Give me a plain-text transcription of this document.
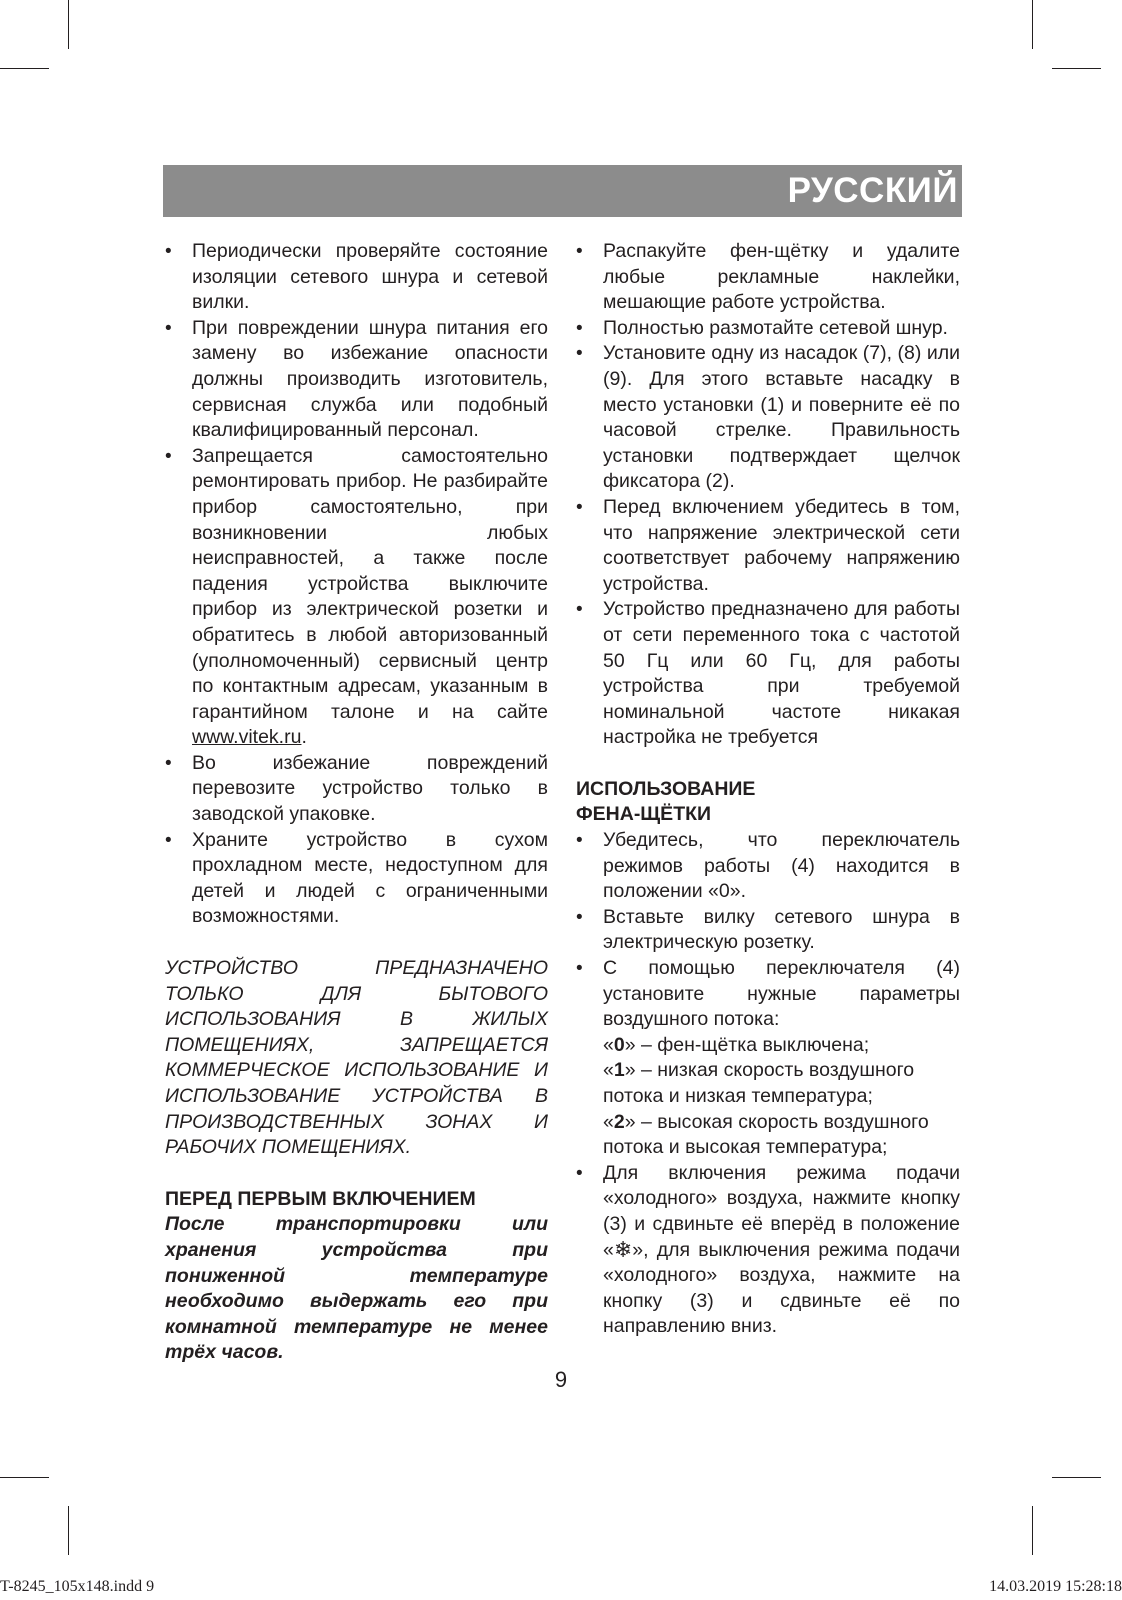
РУССКИЙ
• Периодически проверяйте состояние изоляции сетевого шнура и сетевой вилки.
• При повреждении шнура питания его замену во избежание опасности должны производить изготовитель, сервисная служба или подобный квалифицированный персонал.
• Запрещается самостоятельно ремонтировать прибор. Не разбирайте прибор самостоятельно, при возникновении любых неисправностей, а также после падения устройства выключите прибор из электрической розетки и обратитесь в любой авторизованный (уполномоченный) сервисный центр по контактным адресам, указанным в гарантийном талоне и на сайте www.vitek.ru.
• Во избежание повреждений перевозите устройство только в заводской упаковке.
• Храните устройство в сухом прохладном месте, недоступном для детей и людей с ограниченными возможностями.
УСТРОЙСТВО ПРЕДНАЗНАЧЕНО ТОЛЬКО ДЛЯ БЫТОВОГО ИСПОЛЬЗОВАНИЯ В ЖИЛЫХ ПОМЕЩЕНИЯХ, ЗАПРЕЩАЕТСЯ КОММЕРЧЕСКОЕ ИСПОЛЬЗОВАНИЕ И ИСПОЛЬЗОВАНИЕ УСТРОЙСТВА В ПРОИЗВОДСТВЕННЫХ ЗОНАХ И РАБОЧИХ ПОМЕЩЕНИЯХ.
ПЕРЕД ПЕРВЫМ ВКЛЮЧЕНИЕМ
После транспортировки или хранения устройства при пониженной температуре необходимо выдержать его при комнатной температуре не менее трёх часов.
• Распакуйте фен-щётку и удалите любые рекламные наклейки, мешающие работе устройства.
• Полностью размотайте сетевой шнур.
• Установите одну из насадок (7), (8) или (9). Для этого вставьте насадку в место установки (1) и поверните её по часовой стрелке. Правильность установки подтверждает щелчок фиксатора (2).
• Перед включением убедитесь в том, что напряжение электрической сети соответствует рабочему напряжению устройства.
• Устройство предназначено для работы от сети переменного тока с частотой 50 Гц или 60 Гц, для работы устройства при требуемой номинальной частоте никакая настройка не требуется
ИСПОЛЬЗОВАНИЕ
ФЕНА-ЩЁТКИ
• Убедитесь, что переключатель режимов работы (4) находится в положении «0».
• Вставьте вилку сетевого шнура в электрическую розетку.
• С помощью переключателя (4) установите нужные параметры воздушного потока:
«0» – фен-щётка выключена;
«1» – низкая скорость воздушного потока и низкая температура;
«2» – высокая скорость воздушного потока и высокая температура;
• Для включения режима подачи «холодного» воздуха, нажмите кнопку (3) и сдвиньте её вперёд в положение «❄», для выключения режима подачи «холодного» воздуха, нажмите на кнопку (3) и сдвиньте её по направлению вниз.
9
T-8245_105x148.indd 9	14.03.2019 15:28:18
